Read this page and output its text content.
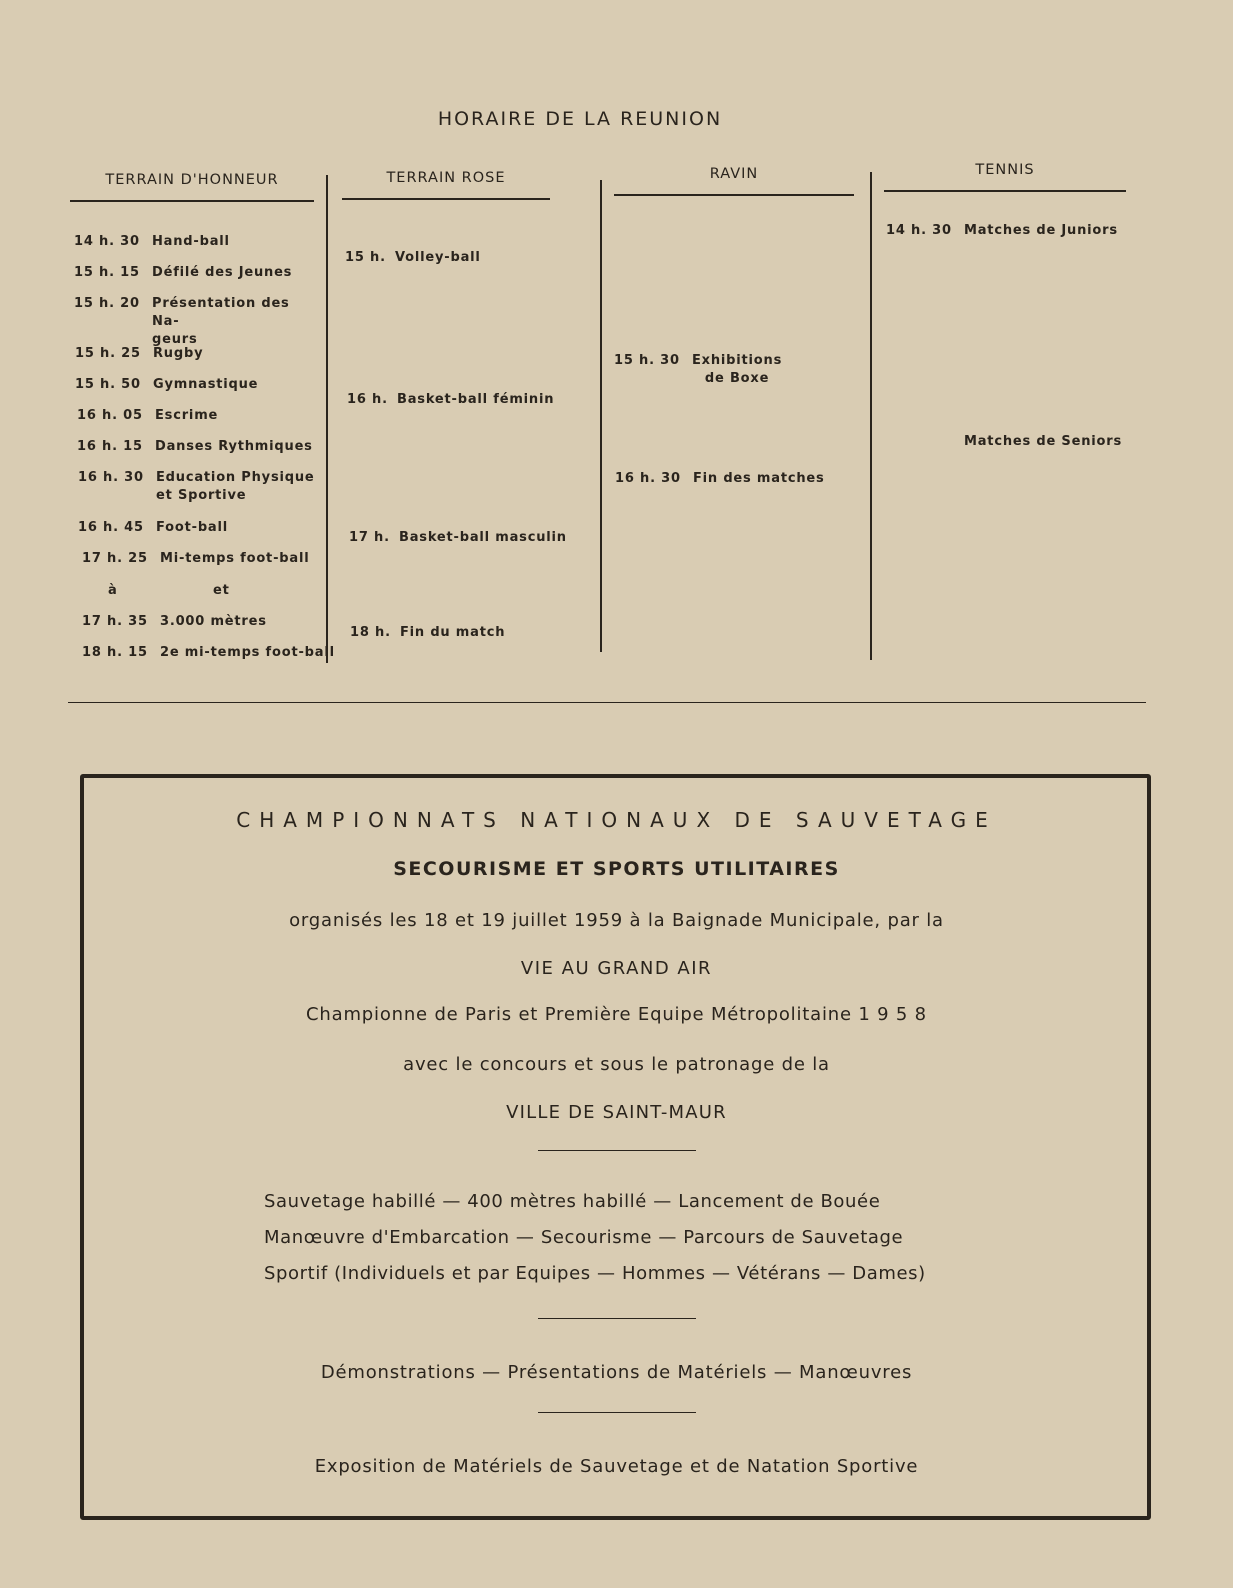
HORAIRE DE LA REUNION
TERRAIN D'HONNEUR	TERRAIN ROSE	RAVIN	TENNIS
14 h. 30 Hand-ball
15 h. 15 Défilé des Jeunes
15 h. 20 Présentation des Na-
geurs
15 h. 25 Rugby
15 h. 50 Gymnastique
16 h. 05 Escrime
16 h. 15 Danses Rythmiques
16 h. 30 Education Physique
et Sportive
16 h. 45 Foot-ball
17 h. 25 Mi-temps foot-ball
à	et
17 h. 35 3.000 mètres
18 h. 15 2e mi-temps foot-ball
15 h. Volley-ball
16 h. Basket-ball féminin
17 h. Basket-ball masculin
18 h. Fin du match
15 h. 30 Exhibitions
de Boxe
16 h. 30 Fin des matches
14 h. 30 Matches de Juniors
Matches de Seniors
CHAMPIONNATS NATIONAUX DE SAUVETAGE
SECOURISME ET SPORTS UTILITAIRES
organisés les 18 et 19 juillet 1959 à la Baignade Municipale, par la
VIE AU GRAND AIR
Championne de Paris et Première Equipe Métropolitaine 1 9 5 8
avec le concours et sous le patronage de la
VILLE DE SAINT-MAUR
Sauvetage habillé — 400 mètres habillé — Lancement de Bouée
Manœuvre d'Embarcation — Secourisme — Parcours de Sauvetage
Sportif (Individuels et par Equipes — Hommes — Vétérans — Dames)
Démonstrations — Présentations de Matériels — Manœuvres
Exposition de Matériels de Sauvetage et de Natation Sportive
